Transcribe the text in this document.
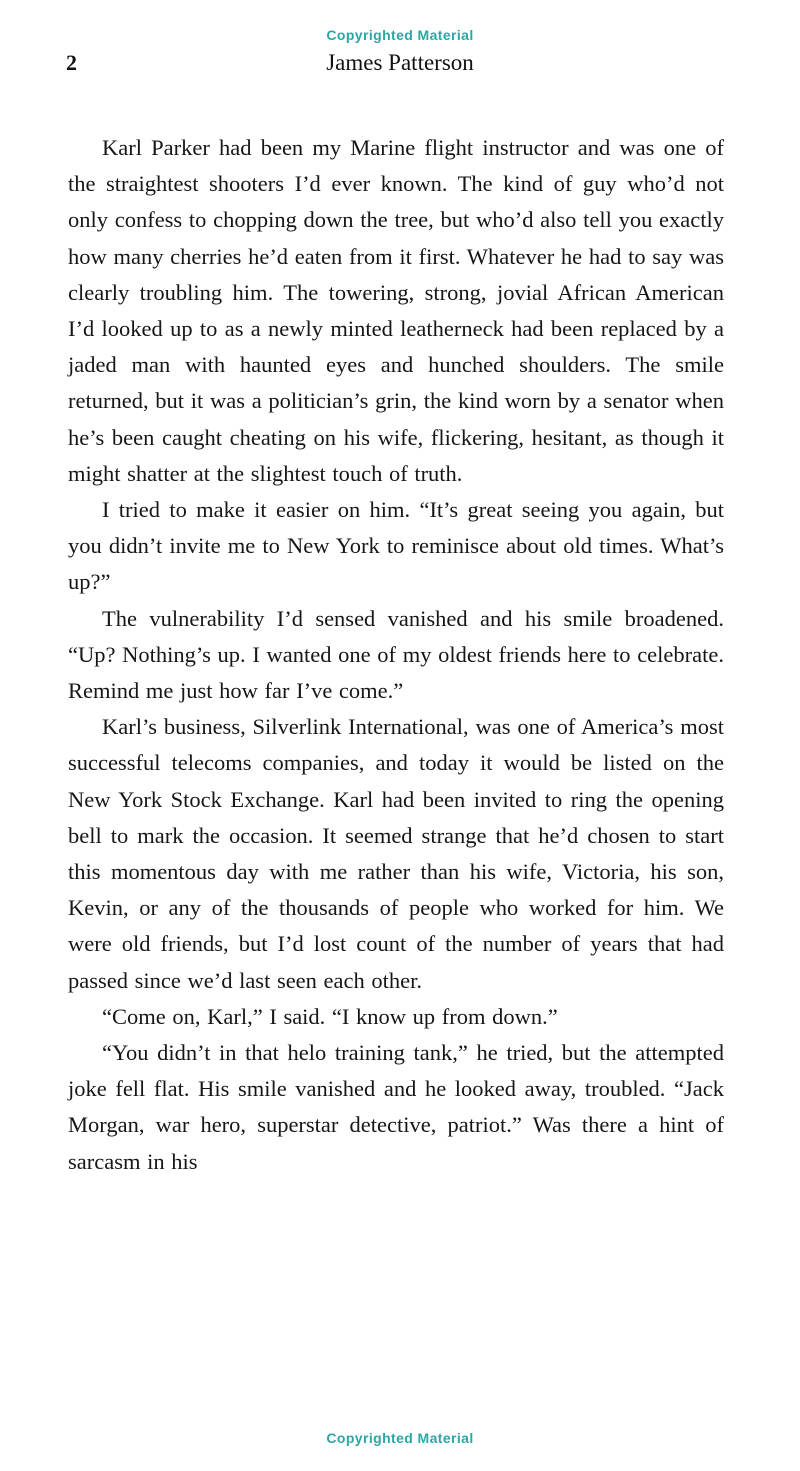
Copyrighted Material
2	James Patterson

Karl Parker had been my Marine flight instructor and was one of the straightest shooters I’d ever known. The kind of guy who’d not only confess to chopping down the tree, but who’d also tell you exactly how many cherries he’d eaten from it first. Whatever he had to say was clearly troubling him. The towering, strong, jovial African American I’d looked up to as a newly minted leatherneck had been replaced by a jaded man with haunted eyes and hunched shoulders. The smile returned, but it was a politician’s grin, the kind worn by a senator when he’s been caught cheating on his wife, flickering, hesitant, as though it might shatter at the slightest touch of truth.

I tried to make it easier on him. “It’s great seeing you again, but you didn’t invite me to New York to reminisce about old times. What’s up?”

The vulnerability I’d sensed vanished and his smile broadened. “Up? Nothing’s up. I wanted one of my oldest friends here to celebrate. Remind me just how far I’ve come.”

Karl’s business, Silverlink International, was one of America’s most successful telecoms companies, and today it would be listed on the New York Stock Exchange. Karl had been invited to ring the opening bell to mark the occasion. It seemed strange that he’d chosen to start this momentous day with me rather than his wife, Victoria, his son, Kevin, or any of the thousands of people who worked for him. We were old friends, but I’d lost count of the number of years that had passed since we’d last seen each other.

“Come on, Karl,” I said. “I know up from down.”

“You didn’t in that helo training tank,” he tried, but the attempted joke fell flat. His smile vanished and he looked away, troubled. “Jack Morgan, war hero, superstar detective, patriot.” Was there a hint of sarcasm in his

Copyrighted Material
